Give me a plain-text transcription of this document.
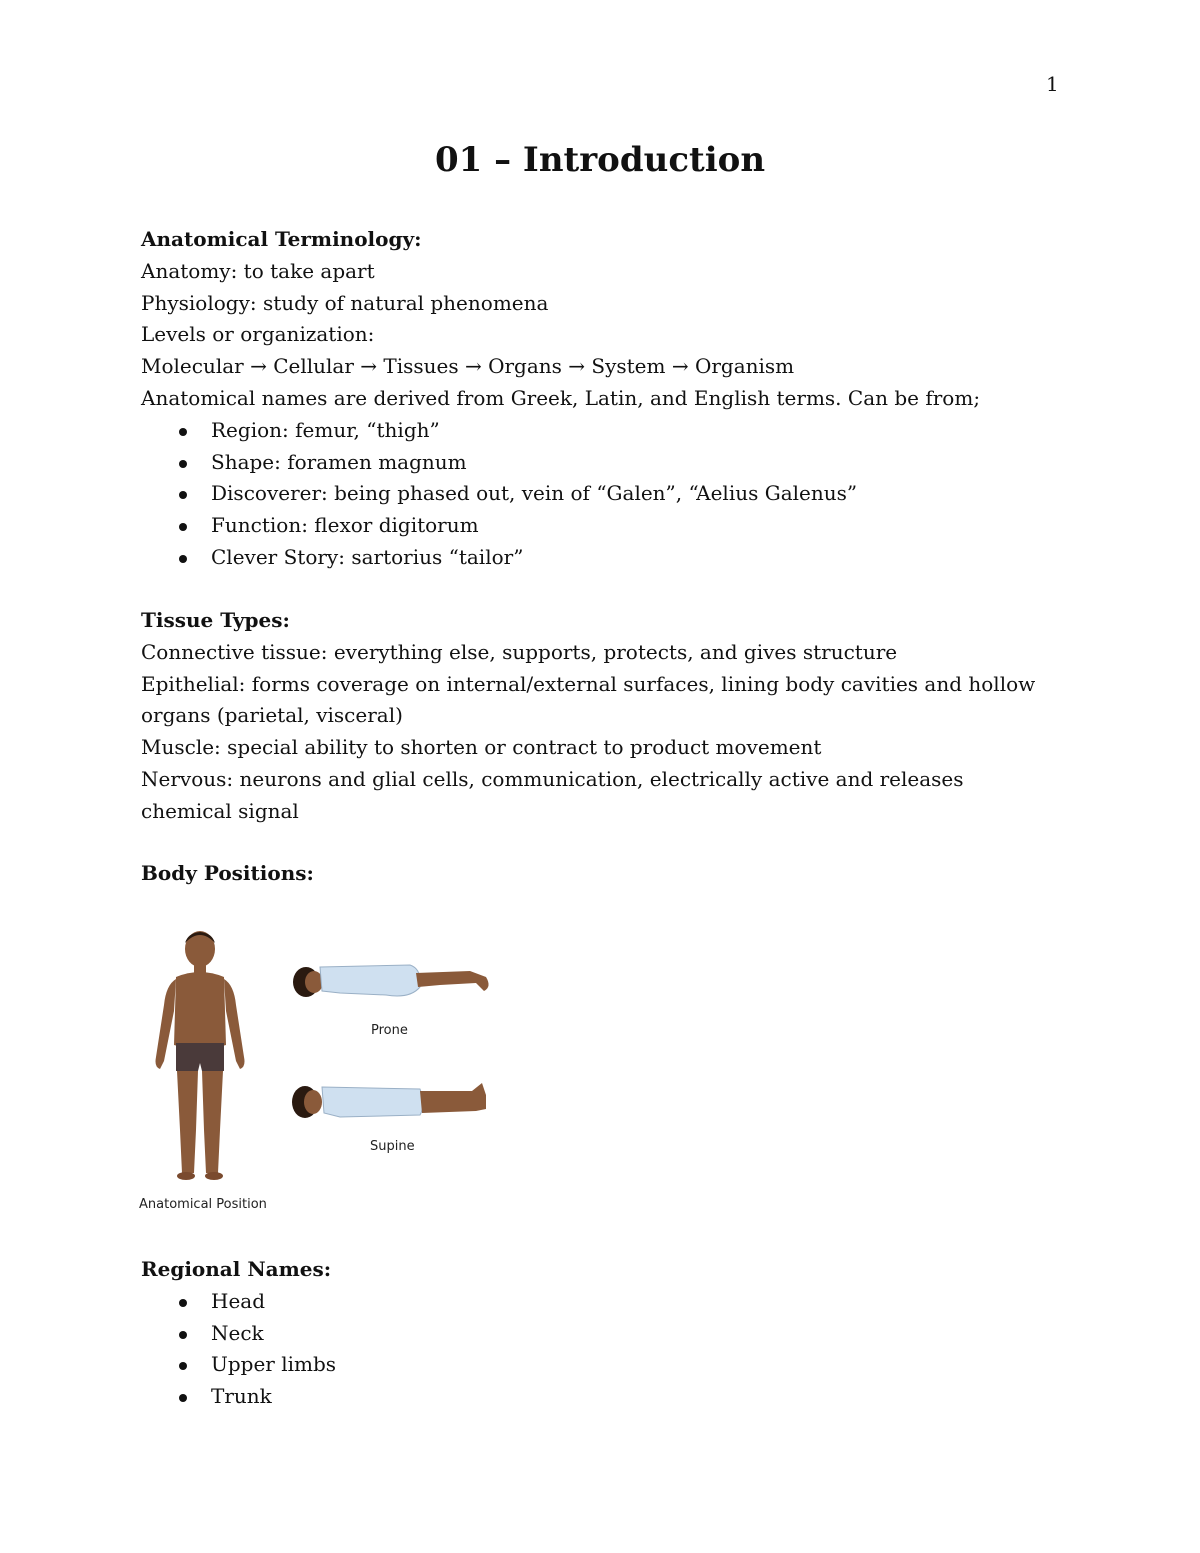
1
01 – Introduction

Anatomical Terminology:

Anatomy: to take apart

Physiology: study of natural phenomena

Levels or organization:

Molecular → Cellular → Tissues → Organs → System → Organism

Anatomical names are derived from Greek, Latin, and English terms. Can be from;

Region: femur, “thigh”
Shape: foramen magnum
Discoverer: being phased out, vein of “Galen”, “Aelius Galenus”
Function: flexor digitorum
Clever Story: sartorius “tailor”

Tissue Types:

Connective tissue: everything else, supports, protects, and gives structure

Epithelial: forms coverage on internal/external surfaces, lining body cavities and hollow organs (parietal, visceral)

Muscle: special ability to shorten or contract to product movement

Nervous: neurons and glial cells, communication, electrically active and releases chemical signal

Body Positions:

Prone
Supine
Anatomical Position

Regional Names:

Head
Neck
Upper limbs
Trunk
